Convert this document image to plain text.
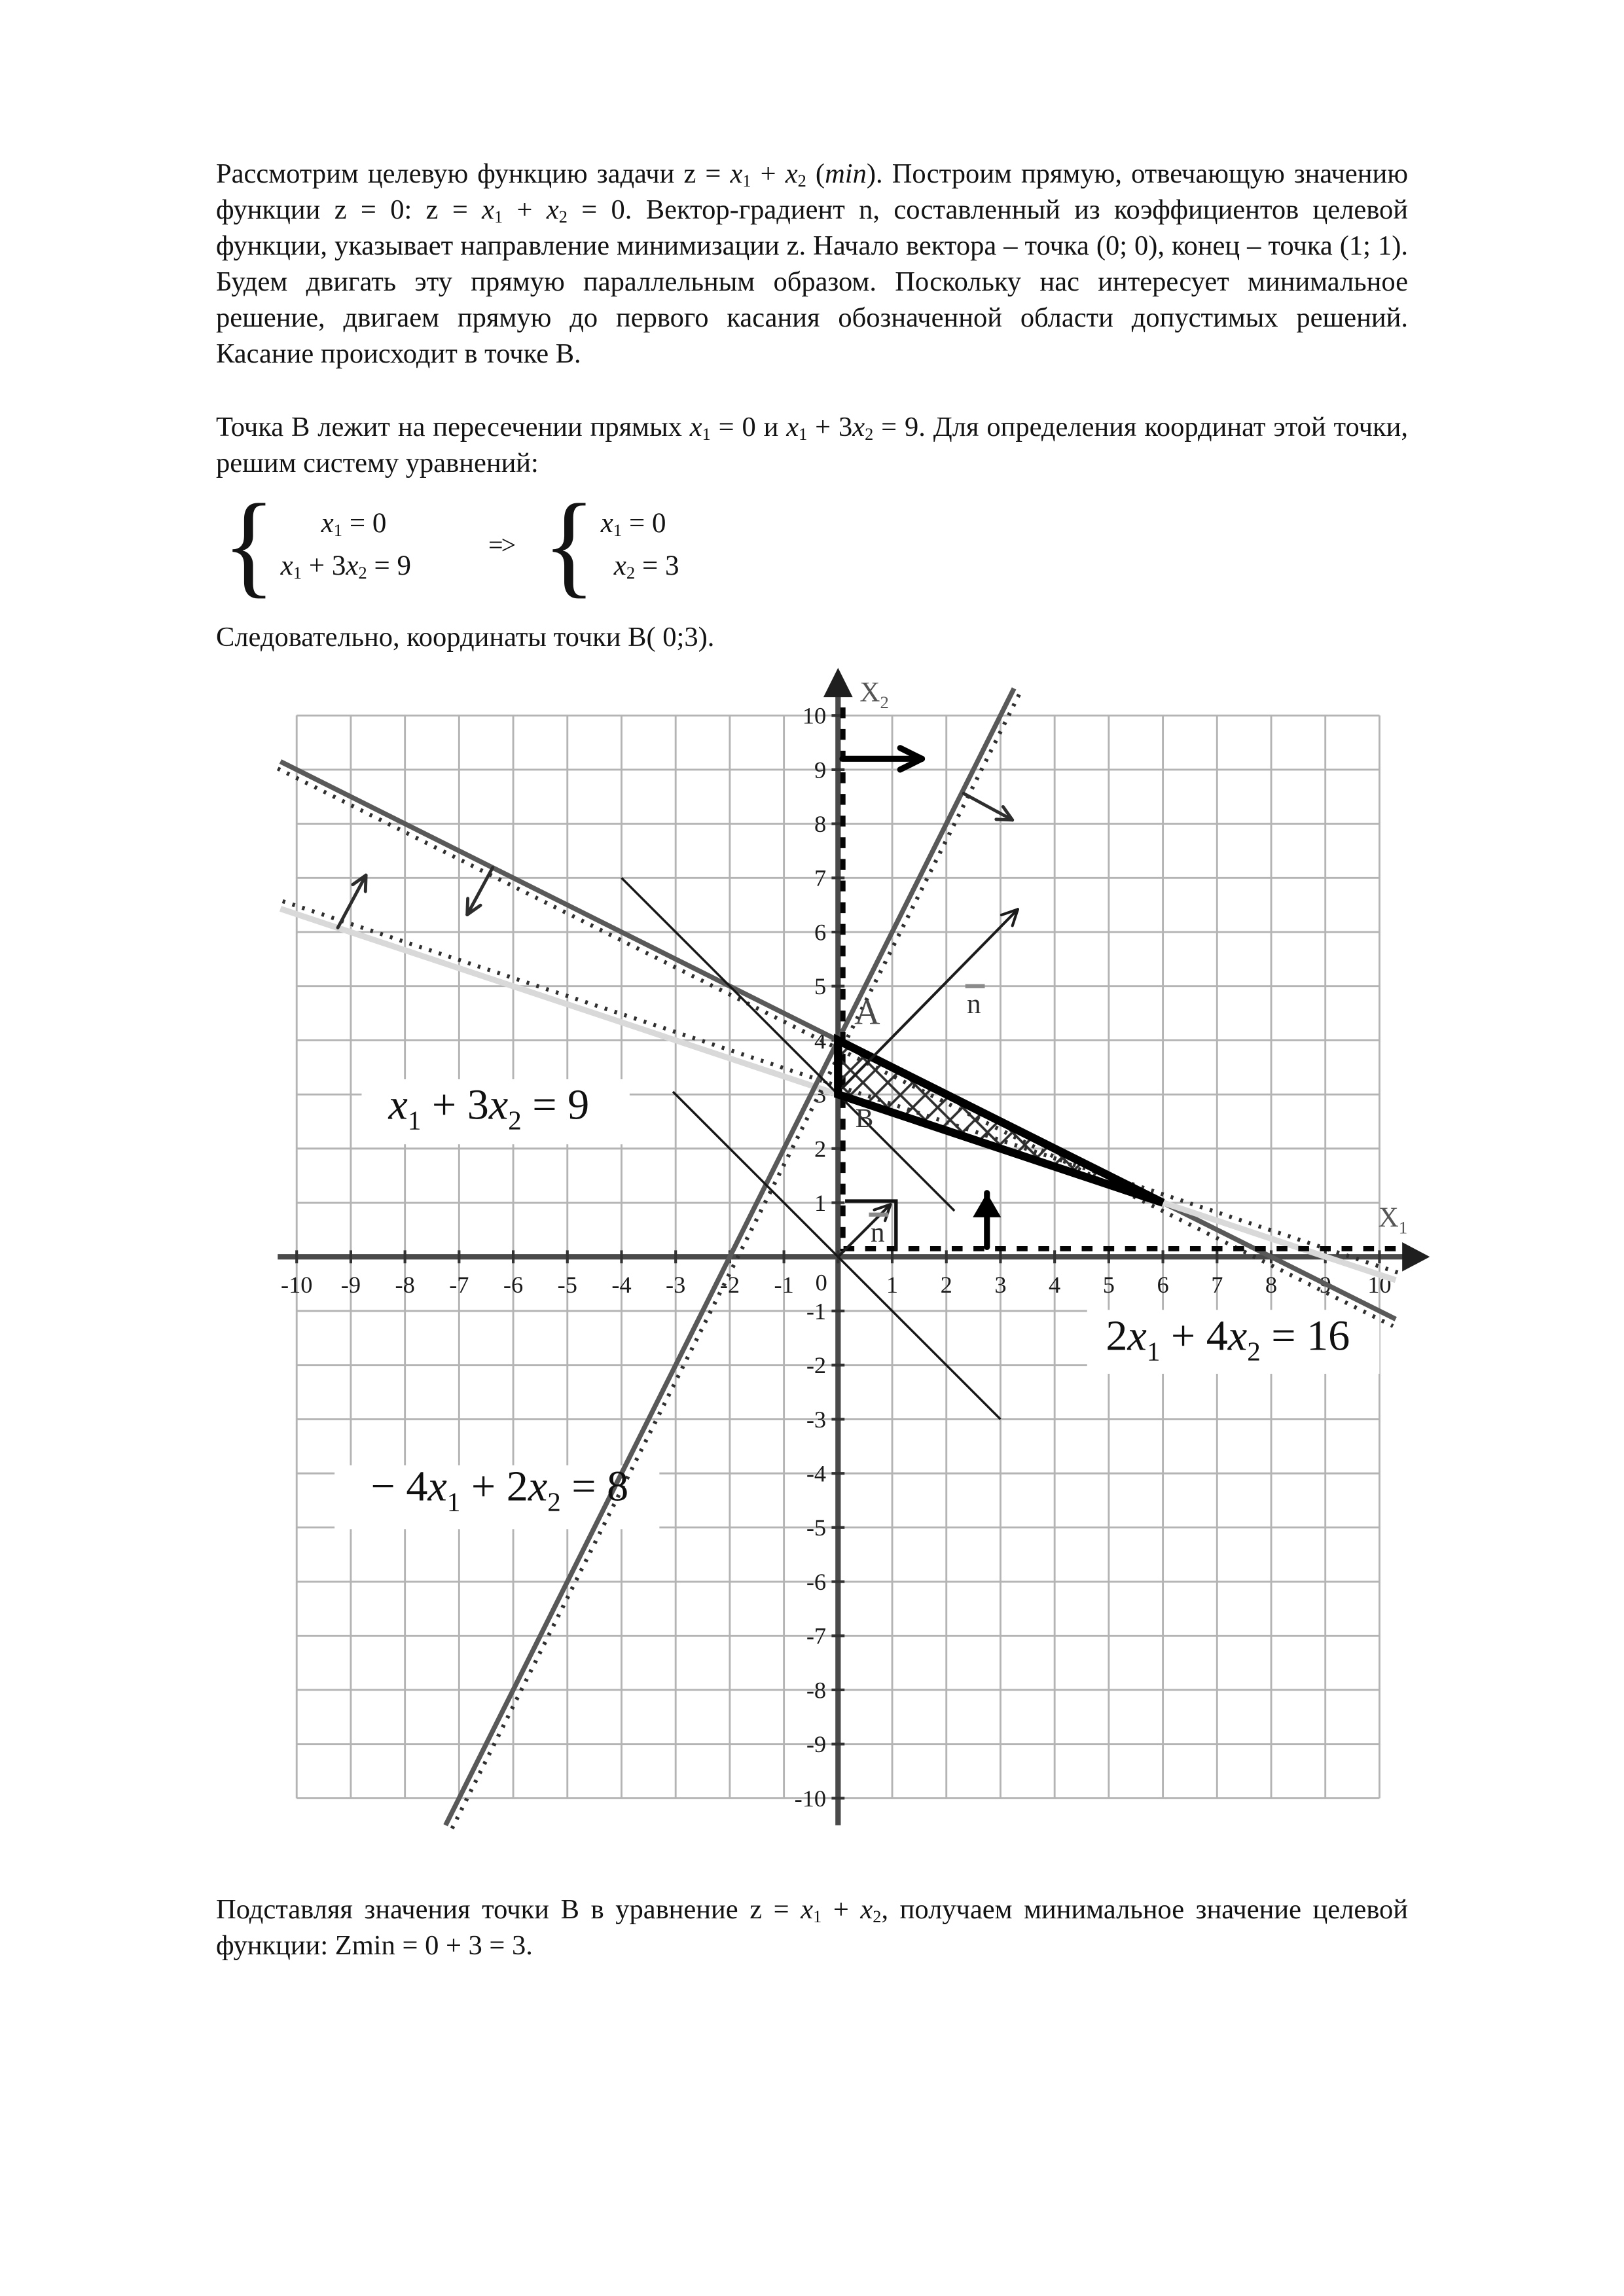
Рассмотрим целевую функцию задачи $z = x_1 + x_2$ (min). Построим прямую, отвечающую значению функции z = 0: $z = x_1 + x_2 = 0$. Вектор-градиент n, составленный из коэффициентов целевой функции, указывает направление минимизации z. Начало вектора – точка (0; 0), конец – точка (1; 1). Будем двигать эту прямую параллельным образом. Поскольку нас интересует минимальное решение, двигаем прямую до первого касания обозначенной области допустимых решений. Касание происходит в точке В.

Точка В лежит на пересечении прямых $x_1 = 0$ и $x_1 + 3x_2 = 9$. Для определения координат этой точки, решим систему уравнений:

{	$x_1 = 0$
$x_1 + 3x_2 = 9$
=> { $x_1 = 0$
$x_2 = 3$

Следовательно, координаты точки В( 0;3).

Подставляя значения точки В в уравнение $z = x_1 + x_2$, получаем минимальное значение целевой функции: Zmin = 0 + 3 = 3.
